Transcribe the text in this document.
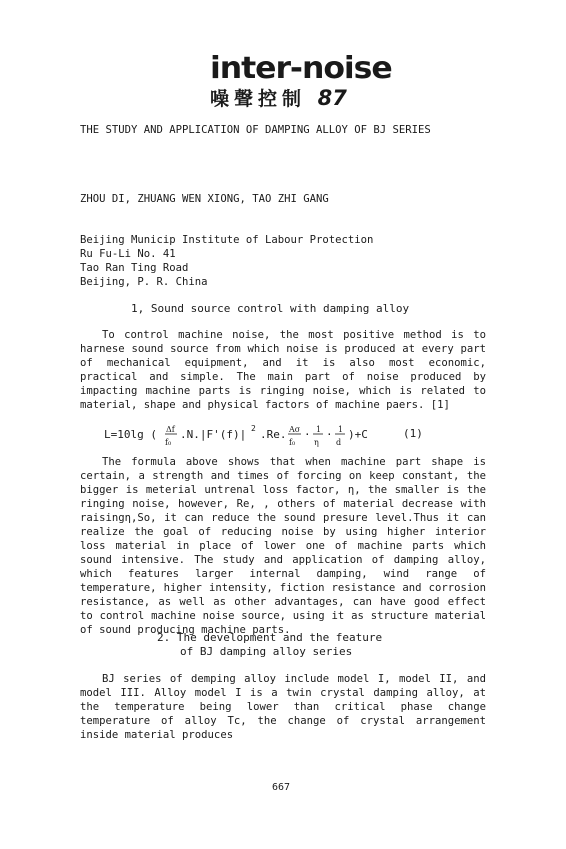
inter-noise
噪聲控制 87
THE STUDY AND APPLICATION OF DAMPING ALLOY OF BJ SERIES
ZHOU DI, ZHUANG WEN XIONG, TAO ZHI GANG
Beijing Municip Institute of Labour Protection
Ru Fu-Li No. 41
Tao Ran Ting Road
Beijing, P. R. China
1, Sound source control with damping alloy

To control machine noise, the most positive method is to harnese sound source from which noise is produced at every part of mechanical equipment, and it is also most economic, practical and simple. The main part of noise produced by impacting machine parts is ringing noise, which is related to material, shape and physical factors of machine paers. [1]

L=10lg ( Δf
f₀
.N.|F'(f)| 2 .Re. Aσ
f₀
· 1
η
· 1
d
)+C	(1)

The formula above shows that when machine part shape is certain, a strength and times of forcing on keep constant, the bigger is meterial untrenal loss factor, η, the smaller is the ringing noise, however, Re, , others of material decrease with raisingη,So, it can reduce the sound presure level.Thus it can realize the goal of reducing noise by using higher interior loss material in place of lower one of machine parts which sound intensive. The study and application of damping alloy, which features larger internal damping, wind range of temperature, higher intensity, fiction resistance and corrosion resistance, as well as other advantages, can have good effect to control machine noise source, using it as structure material of sound producing machine parts.

2. The development and the feature
of BJ damping alloy series

BJ series of demping alloy include model I, model II, and model III. Alloy model I is a twin crystal damping alloy, at the temperature being lower than critical phase change temperature of alloy Tc, the change of crystal arrangement inside material produces

667
